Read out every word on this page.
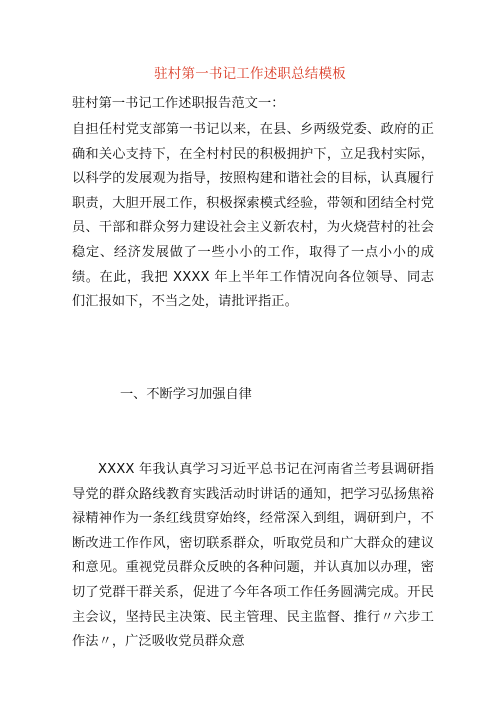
驻村第一书记工作述职总结模板

驻村第一书记工作述职报告范文一：

自担任村党支部第一书记以来，在县、乡两级党委、政府的正确和关心支持下，在全村村民的积极拥护下，立足我村实际，以科学的发展观为指导，按照构建和谐社会的目标，认真履行职责，大胆开展工作，积极探索模式经验，带领和团结全村党员、干部和群众努力建设社会主义新农村，为火烧营村的社会稳定、经济发展做了一些小小的工作，取得了一点小小的成绩。在此，我把 XXXX 年上半年工作情况向各位领导、同志们汇报如下，不当之处，请批评指正。

一、不断学习加强自律

XXXX 年我认真学习习近平总书记在河南省兰考县调研指导党的群众路线教育实践活动时讲话的通知，把学习弘扬焦裕禄精神作为一条红线贯穿始终，经常深入到组，调研到户，不断改进工作作风，密切联系群众，听取党员和广大群众的建议和意见。重视党员群众反映的各种问题，并认真加以办理，密切了党群干群关系，促进了今年各项工作任务圆满完成。开民主会议，坚持民主决策、民主管理、民主监督、推行〃六步工作法〃，广泛吸收党员群众意
